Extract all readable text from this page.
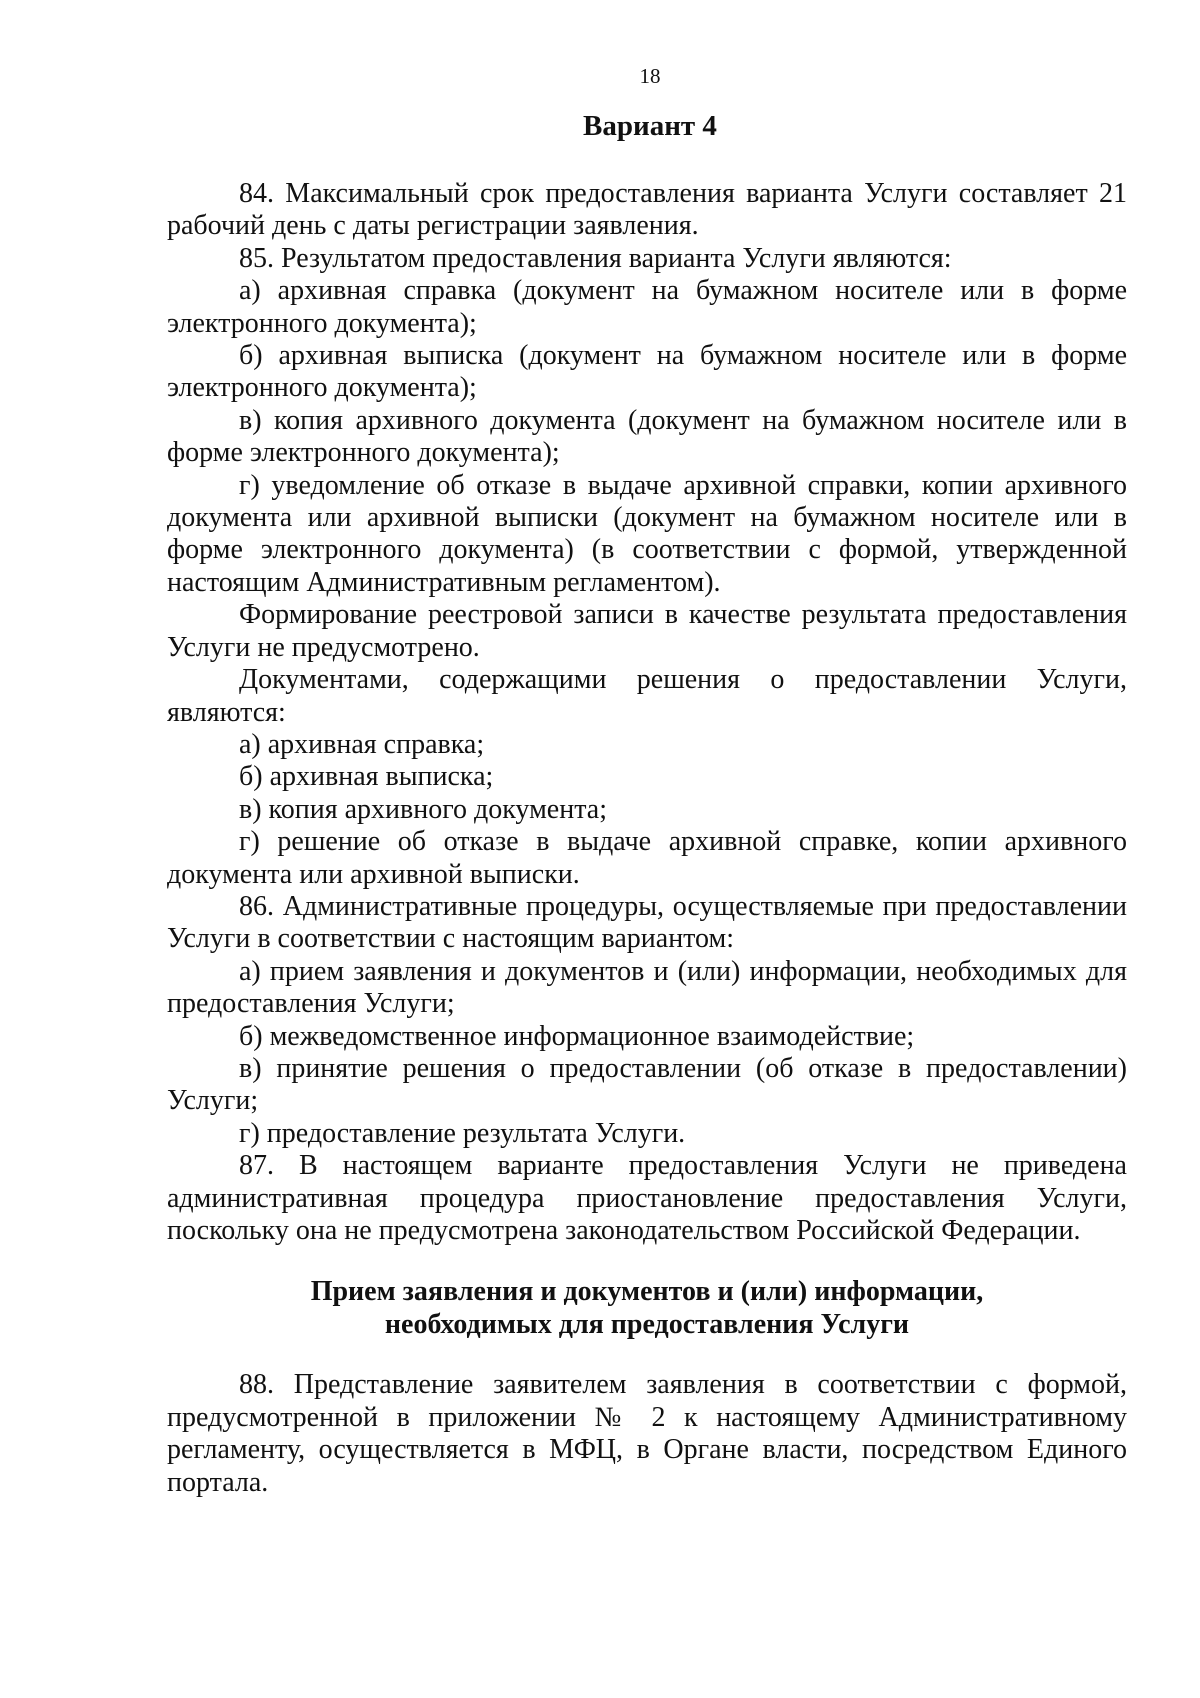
18
Вариант 4

84. Максимальный срок предоставления варианта Услуги составляет 21 рабочий день с даты регистрации заявления.

85. Результатом предоставления варианта Услуги являются:

а) архивная справка (документ на бумажном носителе или в форме электронного документа);

б) архивная выписка (документ на бумажном носителе или в форме электронного документа);

в) копия архивного документа (документ на бумажном носителе или в форме электронного документа);

г) уведомление об отказе в выдаче архивной справки, копии архивного документа или архивной выписки (документ на бумажном носителе или в форме электронного документа) (в соответствии с формой, утвержденной настоящим Административным регламентом).

Формирование реестровой записи в качестве результата предоставления Услуги не предусмотрено.

Документами, содержащими решения о предоставлении Услуги, являются:

а) архивная справка;

б) архивная выписка;

в) копия архивного документа;

г) решение об отказе в выдаче архивной справке, копии архивного документа или архивной выписки.

86. Административные процедуры, осуществляемые при предоставлении Услуги в соответствии с настоящим вариантом:

а) прием заявления и документов и (или) информации, необходимых для предоставления Услуги;

б) межведомственное информационное взаимодействие;

в) принятие решения о предоставлении (об отказе в предоставлении) Услуги;

г) предоставление результата Услуги.

87. В настоящем варианте предоставления Услуги не приведена административная процедура приостановление предоставления Услуги, поскольку она не предусмотрена законодательством Российской Федерации.

Прием заявления и документов и (или) информации,
необходимых для предоставления Услуги

88. Представление заявителем заявления в соответствии с формой, предусмотренной в приложении № 2 к настоящему Административному регламенту, осуществляется в МФЦ, в Органе власти, посредством Единого портала.
